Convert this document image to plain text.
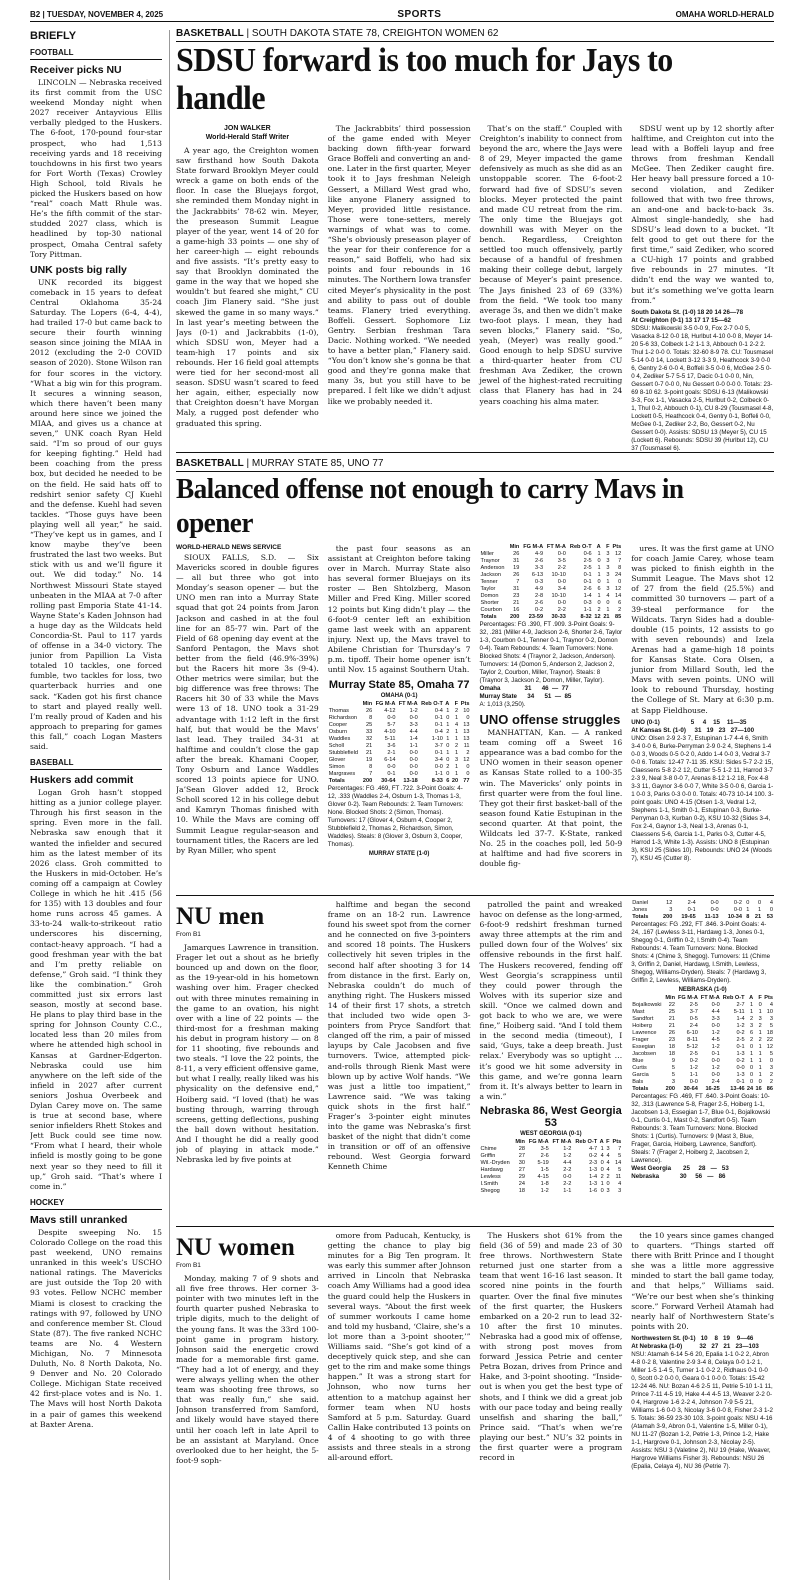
B2 | TUESDAY, NOVEMBER 4, 2025	SPORTS	OMAHA WORLD-HERALD
BRIEFLY
FOOTBALL
Receiver picks NU

LINCOLN — Nebraska received its first commit from the USC weekend Monday night when 2027 receiver Antayvious Ellis verbally pledged to the Huskers. The 6-foot, 170-pound four-star prospect, who had 1,513 receiving yards and 18 receiving touchdowns in his first two years for Fort Worth (Texas) Crowley High School, told Rivals he picked the Huskers based on how “real” coach Matt Rhule was. He’s the fifth commit of the star-studded 2027 class, which is headlined by top-30 national prospect, Omaha Central safety Tory Pittman.

UNK posts big rally

UNK recorded its biggest comeback in 15 years to defeat Central Oklahoma 35-24 Saturday. The Lopers (6-4, 4-4), had trailed 17-0 but came back to secure their fourth winning season since joining the MIAA in 2012 (excluding the 2-0 COVID season of 2020). Stone Wilson ran for four scores in the victory. “What a big win for this program. It secures a winning season, which there haven’t been many around here since we joined the MIAA, and gives us a chance at seven,” UNK coach Ryan Held said. “I’m so proud of our guys for keeping fighting.” Held had been coaching from the press box, but decided he needed to be on the field. He said hats off to redshirt senior safety CJ Kuehl and the defense. Kuehl had seven tackles. “Those guys have been playing well all year,” he said. “They’ve kept us in games, and I know maybe they’ve been frustrated the last two weeks. But stick with us and we’ll figure it out. We did today.” No. 14 Northwest Missouri State stayed unbeaten in the MIAA at 7-0 after rolling past Emporia State 41-14. Wayne State’s Kaden Johnson had a huge day as the Wildcats held Concordia-St. Paul to 117 yards of offense in a 34-0 victory. The junior from Papillion La Vista totaled 10 tackles, one forced fumble, two tackles for loss, two quarterback hurries and one sack. “Kaden got his first chance to start and played really well. I’m really proud of Kaden and his approach to preparing for games this fall,” coach Logan Masters said.

BASEBALL
Huskers add commit

Logan Groh hasn’t stopped hitting as a junior college player. Through his first season in the spring. Even more in the fall. Nebraska saw enough that it wanted the infielder and secured him as the latest member of its 2026 class. Groh committed to the Huskers in mid-October. He’s coming off a campaign at Cowley College in which he hit .415 (56 for 135) with 13 doubles and four home runs across 45 games. A 33-to-24 walk-to-strikeout ratio underscores his discerning, contact-heavy approach. “I had a good freshman year with the bat and I’m pretty reliable on defense,” Groh said. “I think they like the combination.” Groh committed just six errors last season, mostly at second base. He plans to play third base in the spring for Johnson County C.C., located less than 20 miles from where he attended high school in Kansas at Gardner-Edgerton. Nebraska could use him anywhere on the left side of the infield in 2027 after current seniors Joshua Overbeek and Dylan Carey move on. The same is true at second base, where senior infielders Rhett Stokes and Jett Buck could see time now. “From what I heard, their whole infield is mostly going to be gone next year so they need to fill it up,” Groh said. “That’s where I come in.”

HOCKEY
Mavs still unranked

Despite sweeping No. 15 Colorado College on the road this past weekend, UNO remains unranked in this week’s USCHO national ratings. The Mavericks are just outside the Top 20 with 93 votes. Fellow NCHC member Miami is closest to cracking the ratings with 97, followed by UNO and conference member St. Cloud State (87). The five ranked NCHC teams are No. 4 Western Michigan, No. 7 Minnesota Duluth, No. 8 North Dakota, No. 9 Denver and No. 20 Colorado College. Michigan State received 42 first-place votes and is No. 1. The Mavs will host North Dakota in a pair of games this weekend at Baxter Arena.

BASKETBALL | SOUTH DAKOTA STATE 78, CREIGHTON WOMEN 62
SDSU forward is too much for Jays to handle
JON WALKER
World-Herald Staff Writer

A year ago, the Creighton women saw firsthand how South Dakota State forward Brooklyn Meyer could wreck a game on both ends of the floor. In case the Bluejays forgot, she reminded them Monday night in the Jackrabbits’ 78-62 win. Meyer, the preseason Summit League player of the year, went 14 of 20 for a game-high 33 points — one shy of her career-high — eight rebounds and five assists. “It’s pretty easy to say that Brooklyn dominated the game in the way that we hoped she wouldn’t but feared she might,” CU coach Jim Flanery said. “She just skewed the game in so many ways.” In last year’s meeting between the Jays (0-1) and Jackrabbits (1-0), which SDSU won, Meyer had a team-high 17 points and six rebounds. Her 16 field goal attempts were tied for her second-most all season. SDSU wasn’t scared to feed her again, either, especially now that Creighton doesn’t have Morgan Maly, a rugged post defender who graduated this spring.

The Jackrabbits’ third possession of the game ended with Meyer backing down fifth-year forward Grace Boffeli and converting an and-one. Later in the first quarter, Meyer took it to Jays freshman Neleigh Gessert, a Millard West grad who, like anyone Flanery assigned to Meyer, provided little resistance. Those were tone-setters, merely warnings of what was to come. “She’s obviously preseason player of the year for their conference for a reason,” said Boffeli, who had six points and four rebounds in 16 minutes. The Northern Iowa transfer cited Meyer’s physicality in the post and ability to pass out of double teams. Flanery tried everything. Boffeli. Gessert. Sophomore Liz Gentry. Serbian freshman Tara Dacic. Nothing worked. “We needed to have a better plan,” Flanery said. “You don’t know she’s gonna be that good and they’re gonna make that many 3s, but you still have to be prepared. I felt like we didn’t adjust like we probably needed it.

That’s on the staff.” Coupled with Creighton’s inability to connect from beyond the arc, where the Jays were 8 of 29, Meyer impacted the game defensively as much as she did as an unstoppable scorer. The 6-foot-2 forward had five of SDSU’s seven blocks. Meyer protected the paint and made CU retreat from the rim. The only time the Bluejays got downhill was with Meyer on the bench. Regardless, Creighton settled too much offensively, partly because of a handful of freshmen making their college debut, largely because of Meyer’s paint presence. The Jays finished 23 of 69 (33%) from the field. “We took too many average 3s, and then we didn’t make two-foot plays. I mean, they had seven blocks,” Flanery said. “So, yeah, (Meyer) was really good.” Good enough to help SDSU survive a third-quarter heater from CU freshman Ava Zediker, the crown jewel of the highest-rated recruiting class that Flanery has had in 24 years coaching his alma mater.

SDSU went up by 12 shortly after halftime, and Creighton cut into the lead with a Boffeli layup and free throws from freshman Kendall McGee. Then Zediker caught fire. Her heavy ball pressure forced a 10-second violation, and Zediker followed that with two free throws, an and-one and back-to-back 3s. Almost single-handedly, she had SDSU’s lead down to a bucket. “It felt good to get out there for the first time,” said Zediker, who scored a CU-high 17 points and grabbed five rebounds in 27 minutes. “It didn’t end the way we wanted to, but it’s something we’ve gotta learn from.”

South Dakota St. (1-0) 18 20 14 26—78
At Creighton (0-1) 13 17 17 15—62
SDSU: Malikowski 3-5 0-0 9, Fox 2-7 0-0 5, Vasacka 8-12 0-0 18, Hurlbut 4-10 0-0 8, Meyer 14-20 5-6 33, Colbeck 1-2 1-1 3, Abbouch 0-1 2-2 2. Thul 1-2 0-0 0. Totals: 32-60 8-9 78. CU: Tousmasel 5-14 0-0 14, Lockett 3-12 3-3 9, Heathcock 3-9 0-0 6, Gentry 2-6 0-0 4, Boffeli 3-5 0-0 6, McGee 2-5 0-0 4, Zediker 5-7 5-5 17, Dacic 0-1 0-0 0, Nin, Gessert 0-7 0-0 0, Nu Gessert 0-0 0-0 0. Totals: 23-69 8-10 62. 3-point goals: SDSU 6-13 (Malikowski 3-3, Fox 1-1, Vasacka 2-5, Hurlbut 0-2, Colbeck 0-1, Thul 0-2, Abbouch 0-1), CU 8-29 (Tousmasel 4-8, Lockett 0-5, Heathcock 0-4, Gentry 0-1, Boffeli 0-0, McGee 0-1, Zediker 2-2, Bo, Gessert 0-2, Nu Gessert 0-0). Assists: SDSU 13 (Meyer 5), CU 15 (Lockett 6). Rebounds: SDSU 39 (Hurlbut 12), CU 37 (Tousmasel 6).
BASKETBALL | MURRAY STATE 85, UNO 77
Balanced offense not enough to carry Mavs in opener
WORLD-HERALD NEWS SERVICE

SIOUX FALLS, S.D. — Six Mavericks scored in double figures — all but three who got into Monday’s season opener — but the UNO men ran into a Murray State squad that got 24 points from Jaron Jackson and cashed in at the foul line for an 85-77 win. Part of the Field of 68 opening day event at the Sanford Pentagon, the Mavs shot better from the field (46.9%-39%) but the Racers hit more 3s (9-4). Other metrics were similar, but the big difference was free throws: The Racers hit 30 of 33 while the Mavs were 13 of 18. UNO took a 31-29 advantage with 1:12 left in the first half, but that would be the Mavs’ last lead. They trailed 34-31 at halftime and couldn’t close the gap after the break. Khamani Cooper, Tony Osburn and Lance Waddles scored 13 points apiece for UNO. Ja’Sean Glover added 12, Brock Scholl scored 12 in his college debut and Kamryn Thomas finished with 10. While the Mavs are coming off Summit League regular-season and tournament titles, the Racers are led by Ryan Miller, who spent

the past four seasons as an assistant at Creighton before taking over in March. Murray State also has several former Bluejays on its roster — Ben Shtolzberg, Mason Miller and Fred King. Miller scored 12 points but King didn’t play — the 6-foot-9 center left an exhibition game last week with an apparent injury. Next up, the Mavs travel to Abilene Christian for Thursday’s 7 p.m. tipoff. Their home opener isn’t until Nov. 15 against Southern Utah.

Murray State 85, Omaha 77
OMAHA (0-1)
	Min	FG M-A	FT M-A	Reb O-T	A	F	Pts
Thomas	26	4-12	1-2	0-4	1	2	10
Richardson	8	0-0	0-0	0-1	0	1	0
Cooper	25	5-7	3-3	0-1	1	4	13
Osburn	33	4-10	4-4	0-4	2	1	13
Waddles	32	5-11	1-4	1-10	1	1	13
Scholl	21	3-6	1-1	3-7	0	2	11
Stubblefield	21	2-1	0-0	0-1	1	1	2
Glover	19	6-14	0-0	3-4	0	3	12
Simon	8	0-0	0-0	0-0	2	1	0
Margraves	7	0-1	0-0	1-1	0	1	0
Totals	200	30-64	13-18	8-33	6	20	77
Percentages: FG .469, FT .722. 3-Point Goals: 4-12, .333 (Waddles 2-4, Osburn 1-3, Thomas 1-3, Glover 0-2). Team Rebounds: 2. Team Turnovers: None. Blocked Shots: 2 (Simon, Thomas). Turnovers: 17 (Glover 4, Osburn 4, Cooper 2, Stubblefield 2, Thomas 2, Richardson, Simon, Waddles). Steals: 8 (Glover 3, Osburn 3, Cooper, Thomas).
MURRAY STATE (1-0)
	Min	FG M-A	FT M-A	Reb O-T	A	F	Pts
Miller	26	4-9	0-0	0-6	1	3	12
Traynor	31	2-6	3-5	2-5	0	3	7
Anderson	19	3-3	2-2	2-5	1	3	8
Jackson	26	6-13	10-10	0-1	1	3	24
Tenner	7	0-3	0-0	0-1	0	1	0
Taylor	31	4-9	3-4	2-6	6	3	12
Domon	23	2-8	10-10	1-4	1	4	14
Shorter	21	2-6	0-0	0-3	0	0	6
Courbon	16	0-2	2-2	1-1	2	1	2
Totals	200	23-59	30-33	8-32	12	21	85
Percentages: FG .390, FT .909. 3-Point Goals: 9-32, .281 (Miller 4-9, Jackson 2-6, Shorter 2-6, Taylor 1-3, Courbon 0-1, Tenner 0-1, Traynor 0-2, Domon 0-4). Team Rebounds: 4. Team Turnovers: None. Blocked Shots: 4 (Traynor 2, Jackson, Anderson). Turnovers: 14 (Domon 5, Anderson 2, Jackson 2, Taylor 2, Courbon, Miller, Traynor). Steals: 8 (Traynor 3, Jackson 2, Domon, Miller, Taylor).
Omaha              31      46  —  77
Murray State      34      51  —  85
A: 1,013 (3,250).
UNO offense struggles

MANHATTAN, Kan. — A ranked team coming off a Sweet 16 appearance was a bad combo for the UNO women in their season opener as Kansas State rolled to a 100-35 win. The Mavericks’ only points in first quarter were from the foul line. They got their first basket-ball of the season found Katie Estupinan in the second quarter. At that point, the Wildcats led 37-7. K-State, ranked No. 25 in the coaches poll, led 50-9 at halftime and had five scorers in double fig-

ures. It was the first game at UNO for coach Jamie Carey, whose team was picked to finish eighth in the Summit League. The Mavs shot 12 of 27 from the field (25.5%) and committed 30 turnovers — part of a 39-steal performance for the Wildcats. Taryn Sides had a double-double (15 points, 12 assists to go with seven rebounds) and Izela Arenas had a game-high 18 points for Kansas State. Cora Olsen, a junior from Millard South, led the Mavs with seven points. UNO will look to rebound Thursday, hosting the College of St. Mary at 6:30 p.m. at Sapp Fieldhouse.

UNO (0-1)                  5     4    15    11—35
At Kansas St. (1-0)     31   19   23   27—100
UNO: Olsen 2-9 2-3 7, Estupinan 1-7 4-4 6, Smith 3-4 0-0 6, Burke-Perryman 2-9 0-2 4, Stephens 1-4 0-0 3, Woods 0-5 0-2 0, Addo 1-4 0-0 3, Vedral 3-7 0-0 6. Totals: 12-47 7-11 35. KSU: Sides 5-7 2-2 15, Claessens 5-8 2-2 12, Cutter 5-5 1-2 11, Harrod 3-7 2-3 9, Neal 3-8 0-0 7, Arenas 8-12 1-2 18, Fox 4-8 3-3 11, Gaynor 3-6 0-0 7, White 3-5 0-0 6, Garcia 1-1 0-0 3, Parks 0-3 0-0 0. Totals: 40-73 10-14 100. 3-point goals: UNO 4-15 (Olsen 1-3, Vedral 1-2, Stephens 1-1, Smith 0-1, Estupinan 0-3, Burke-Perryman 0-3, Kurban 0-2), KSU 10-32 (Sides 3-4, Fox 2-4, Gaynor 1-3, Neal 1-3, Arenas 0-1, Claessens 5-6, Garcia 1-1, Parks 0-3, Cutter 4-5, Harrod 1-3, White 1-3). Assists: UNO 8 (Estupinan 3), KSU 25 (Sides 10). Rebounds: UNO 24 (Woods 7), KSU 45 (Cutter 8).
NU men
From B1

Jamarques Lawrence in transition. Frager let out a shout as he briefly bounced up and down on the floor, as the 19-year-old in his hometown washing over him. Frager checked out with three minutes remaining in the game to an ovation, his night over with a line of 22 points — the third-most for a freshman making his debut in program history — on 8 for 11 shooting, five rebounds and two steals. “I love the 22 points, the 8-11, a very efficient offensive game, but what I really, really liked was his physicality on the defensive end,” Hoiberg said. “I loved (that) he was busting through, warring through screens, getting deflections, pushing the ball down without hesitation. And I thought he did a really good job of playing in attack mode.” Nebraska led by five points at

halftime and began the second frame on an 18-2 run. Lawrence found his sweet spot from the corner and he connected on five 3-pointers and scored 18 points. The Huskers collectively hit seven triples in the second half after shooting 3 for 14 from distance in the first. Early on, Nebraska couldn’t do much of anything right. The Huskers missed 14 of their first 17 shots, a stretch that included two wide open 3-pointers from Pryce Sandfort that clanged off the rim, a pair of missed layups by Cale Jacobsen and five turnovers. Twice, attempted pick-and-rolls through Rienk Mast were blown up by active Wolf hands. “We was just a little too impatient,” Lawrence said. “We was taking quick shots in the first half.” Frager’s 3-pointer eight minutes into the game was Nebraska’s first basket of the night that didn’t come in transition or off of an offensive rebound. West Georgia forward Kenneth Chime

patrolled the paint and wreaked havoc on defense as the long-armed, 6-foot-9 redshirt freshman turned away three attempts at the rim and pulled down four of the Wolves’ six offensive rebounds in the first half. The Huskers recovered, fending off West Georgia’s scrappiness until they could power through the Wolves with its superior size and skill. “Once we calmed down and got back to who we are, we were fine,” Hoiberg said. “And I told them in the second media (timeout), I said, ‘Guys, take a deep breath. Just relax.’ Everybody was so uptight … it’s good we hit some adversity in this game, and we’re gonna learn from it. It’s always better to learn in a win.”

Nebraska 86, West Georgia 53
WEST GEORGIA (0-1)
	Min	FG M-A	FT M-A	Reb O-T	A	F	Pts
Chime	28	3-5	1-2	4-7	1	3	7
Griffin	27	2-6	1-2	0-2	4	4	5
Wil.-Dryden	30	5-19	4-4	2-3	0	4	14
Hardawg	27	1-5	2-2	1-3	0	4	5
Lewless	29	4-15	0-0	1-4	2	2	11
I.Smith	24	1-8	2-2	1-3	1	0	4
Shegog	18	1-2	1-1	1-6	0	3	3
Daniel	12	2-4	0-0	0-2	0	0	4
Jones	3	0-1	0-0	0-0	1	1	0
Totals	200	19-65	11-13	10-34	8	21	53
Percentages: FG .292, FT .846. 3-Point Goals: 4-24, .167 (Lewless 3-11, Hardawg 1-3, Jones 0-1, Shegog 0-1, Griffin 0-2, I.Smith 0-4). Team Rebounds: 4. Team Turnovers: None. Blocked Shots: 4 (Chime 3, Shegog). Turnovers: 11 (Chime 3, Griffin 2, Daniel, Hardawg, I.Smith, Lewless, Shegog, Williams-Dryden). Steals: 7 (Hardawg 3, Griffin 2, Lewless, Williams-Dryden).
NEBRASKA (1-0)
	Min	FG M-A	FT M-A	Reb O-T	A	F	Pts
Bojalkowski	22	2-5	0-0	2-7	1	0	4
Mast	25	3-7	4-4	5-11	1	1	10
Sandfort	21	0-5	3-3	1-4	2	3	3
Hoiberg	21	2-4	0-0	1-2	3	2	5
Lawrence	26	6-10	1-2	0-2	6	1	18
Frager	23	8-11	4-5	2-5	2	2	22
Essegian	18	5-12	1-2	0-1	0	1	12
Jacobsen	18	2-5	0-1	1-3	1	1	5
Blue	9	0-2	0-0	0-2	1	1	0
Curtis	5	1-2	1-2	0-0	0	1	3
Garcia	5	1-1	0-0	1-3	0	1	2
Bals	3	0-0	2-4	0-1	0	0	2
Totals	200	30-64	16-25	13-46	24	16	86
Percentages: FG .469, FT .640. 3-Point Goals: 10-32, .313 (Lawrence 5-8, Frager 2-5, Hoiberg 1-1, Jacobsen 1-3, Essegian 1-7, Blue 0-1, Bojalkowski 0-1, Curtis 0-1, Mast 0-2, Sandfort 0-5). Team Rebounds: 3. Team Turnovers: None. Blocked Shots: 1 (Curtis). Turnovers: 9 (Mast 3, Blue, Frager, Garcia, Hoiberg, Lawrence, Sandfort). Steals: 7 (Frager 2, Hoiberg 2, Jacobsen 2, Lawrence).
West Georgia       25     28   —   53
Nebraska            30     56   —   86
NU women
From B1

Monday, making 7 of 9 shots and all five free throws. Her corner 3-pointer with two minutes left in the fourth quarter pushed Nebraska to triple digits, much to the delight of the young fans. It was the 33rd 100-point game in program history. Johnson said the energetic crowd made for a memorable first game. “They had a lot of energy, and they were always yelling when the other team was shooting free throws, so that was really fun,” she said. Johnson transferred from Samford, and likely would have stayed there until her coach left in late April to be an assistant at Maryland. Once overlooked due to her height, the 5-foot-9 soph-

omore from Paducah, Kentucky, is getting the chance to play big minutes for a Big Ten program. It was early this summer after Johnson arrived in Lincoln that Nebraska coach Amy Williams had a good idea the guard could help the Huskers in several ways. “About the first week of summer workouts I came home and told my husband, ‘Claire, she’s a lot more than a 3-point shooter,’” Williams said. “She’s got kind of a deceptively quick step, and she can get to the rim and make some things happen.” It was a strong start for Johnson, who now turns her attention to a matchup against her former team when NU hosts Samford at 5 p.m. Saturday. Guard Callin Hake contributed 13 points on 4 of 4 shooting to go with three assists and three steals in a strong all-around effort.

The Huskers shot 61% from the field (36 of 59) and made 23 of 30 free throws. Northwestern State returned just one starter from a team that went 16-16 last season. It scored nine points in the fourth quarter. Over the final five minutes of the first quarter, the Huskers embarked on a 20-2 run to lead 32-10 after the first 10 minutes. Nebraska had a good mix of offense, with strong post moves from forward Jessica Petrie and center Petra Bozan, drives from Prince and Hake, and 3-point shooting. “Inside-out is when you get the best type of shots, and I think we did a great job with our pace today and being really unselfish and sharing the ball,” Prince said. “That’s when we’re playing our best.” NU’s 32 points in the first quarter were a program record in

the 10 years since games changed to quarters. “Things started off there with Britt Prince and I thought she was a little more aggressive minded to start the ball game today, and that helps,” Williams said. “We’re our best when she’s thinking score.” Forward Verheil Atamah had nearly half of Northwestern State’s points with 20.

Northwestern St. (0-1)   10    8   19    9—46
At Nebraska (1-0)          32   27   21   23—103
NSU: Atamah 6-14 5-6 20, Epalia 1-1 0-2 2, Abron 4-8 0-2 8, Valentine 2-9 3-4 8, Celaya 0-0 1-2 1, Miller 1-5 1-4 5, Turner 1-1 0-2 2, Ridhaus 0-1 0-0 0, Scott 0-2 0-0 0, Geara 0-1 0-0 0. Totals: 15-42 12-24 46. NU: Bozan 4-6 2-5 11, Petrie 5-10 1-1 11, Prince 7-11 4-5 19, Hake 4-4 4-5 13, Weaver 2-2 0-0 4, Hargrove 1-6 2-2 4, Johnson 7-9 5-5 21, Williams 1-6 0-0 3, Nicolay 3-6 0-0 8, Fisher 2-3 1-2 5. Totals: 36-59 23-30 103. 3-point goals: NSU 4-16 (Atamah 3-9, Abron 0-1, Valentine 1-5, Miller 0-1), NU 11-27 (Bozan 1-2, Petrie 1-3, Prince 1-2, Hake 1-1, Hargrove 0-1, Johnson 2-3, Nicolay 2-5). Assists: NSU 3 (Valetine 2), NU 19 (Hake, Weaver, Hargrove Williams Fisher 3). Rebounds: NSU 26 (Epalia, Celaya 4), NU 36 (Petrie 7).
